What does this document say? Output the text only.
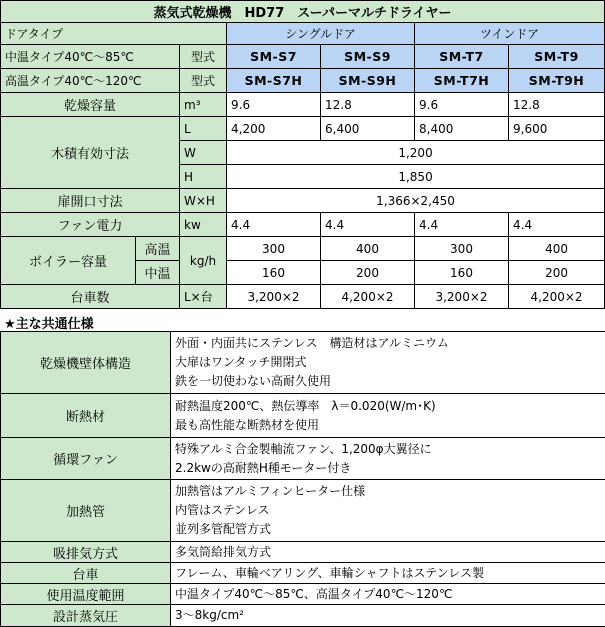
蒸気式乾燥機　HD77　スーパーマルチドライヤー						
ドアタイプ			シングルドア		ツインドア	
中温タイプ40℃～85℃		型式	SM-S7	SM-S9	SM-T7	SM-T9
高温タイプ40℃～120℃		型式	SM-S7H	SM-S9H	SM-T7H	SM-T9H
乾燥容量		m³	9.6	12.8	9.6	12.8
木積有効寸法		L	4,200	6,400	8,400	9,600
		W	1,200			
		H	1,850			
扉開口寸法		W×H	1,366×2,450			
ファン電力		kw	4.4	4.4	4.4	4.4
ボイラー容量	高温	kg/h	300	400	300	400
	中温		160	200	160	200
台車数		L×台	3,200×2	4,200×2	3,200×2	4,200×2
★主な共通仕様
乾燥機壁体構造	外面・内面共にステンレス　構造材はアルミニウム
大扉はワンタッチ開閉式
鉄を一切使わない高耐久使用

断熱材	耐熱温度200℃、熱伝導率　λ＝0.020(W/m･K)
最も高性能な断熱材を使用

循環ファン	特殊アルミ合金製軸流ファン、1,200φ大翼径に
2.2kwの高耐熱H種モーター付き

加熱管	加熱管はアルミフィンヒーター仕様
内管はステンレス
並列多管配管方式

吸排気方式	多気筒給排気方式

台車	フレーム、車輪ベアリング、車輪シャフトはステンレス製

使用温度範囲	中温タイプ40℃～85℃、高温タイプ40℃～120℃

設計蒸気圧	3～8kg/cm²
